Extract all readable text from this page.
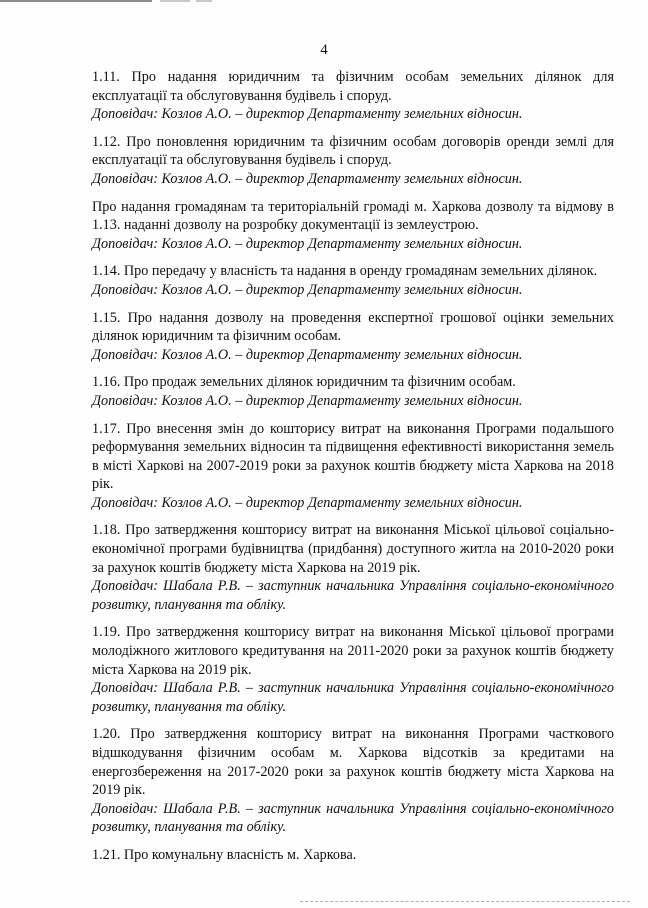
4

1.11. Про надання юридичним та фізичним особам земельних ділянок для експлуатації та обслуговування будівель і споруд.

Доповідач: Козлов А.О. – директор Департаменту земельних відносин.

1.12. Про поновлення юридичним та фізичним особам договорів оренди землі для експлуатації та обслуговування будівель і споруд.

Доповідач: Козлов А.О. – директор Департаменту земельних відносин.

Про надання громадянам та територіальній громаді м. Харкова дозволу та відмову в 1.13. наданні дозволу на розробку документації із землеустрою.

Доповідач: Козлов А.О. – директор Департаменту земельних відносин.

1.14. Про передачу у власність та надання в оренду громадянам земельних ділянок.

Доповідач: Козлов А.О. – директор Департаменту земельних відносин.

1.15. Про надання дозволу на проведення експертної грошової оцінки земельних ділянок юридичним та фізичним особам.

Доповідач: Козлов А.О. – директор Департаменту земельних відносин.

1.16. Про продаж земельних ділянок юридичним та фізичним особам.

Доповідач: Козлов А.О. – директор Департаменту земельних відносин.

1.17. Про внесення змін до кошторису витрат на виконання Програми подальшого реформування земельних відносин та підвищення ефективності використання земель в місті Харкові на 2007-2019 роки за рахунок коштів бюджету міста Харкова на 2018 рік.

Доповідач: Козлов А.О. – директор Департаменту земельних відносин.

1.18. Про затвердження кошторису витрат на виконання Міської цільової соціально-економічної програми будівництва (придбання) доступного житла на 2010-2020 роки за рахунок коштів бюджету міста Харкова на 2019 рік.

Доповідач: Шабала Р.В. – заступник начальника Управління соціально-економічного розвитку, планування та обліку.

1.19. Про затвердження кошторису витрат на виконання Міської цільової програми молодіжного житлового кредитування на 2011-2020 роки за рахунок коштів бюджету міста Харкова на 2019 рік.

Доповідач: Шабала Р.В. – заступник начальника Управління соціально-економічного розвитку, планування та обліку.

1.20. Про затвердження кошторису витрат на виконання Програми часткового відшкодування фізичним особам м. Харкова відсотків за кредитами на енергозбереження на 2017-2020 роки за рахунок коштів бюджету міста Харкова на 2019 рік.

Доповідач: Шабала Р.В. – заступник начальника Управління соціально-економічного розвитку, планування та обліку.

1.21. Про комунальну власність м. Харкова.
